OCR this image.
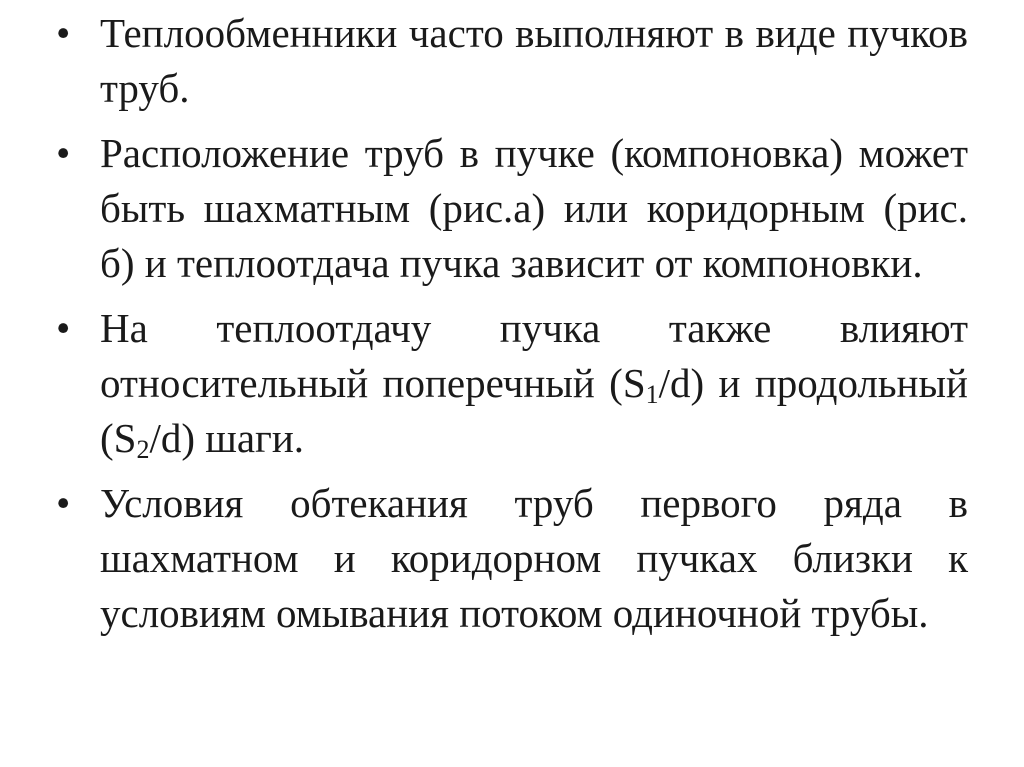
• Теплообменники часто выполняют в виде пучков труб.
• Расположение труб в пучке (компоновка) может быть шахматным (рис.а) или коридорным (рис. б) и теплоотдача пучка зависит от компоновки.
• На теплоотдачу пучка также влияют относительный поперечный $(S_1/d)$ и продольный $(S_2/d)$ шаги.
• Условия обтекания труб первого ряда в шахматном и коридорном пучках близки к условиям омывания потоком одиночной трубы.
